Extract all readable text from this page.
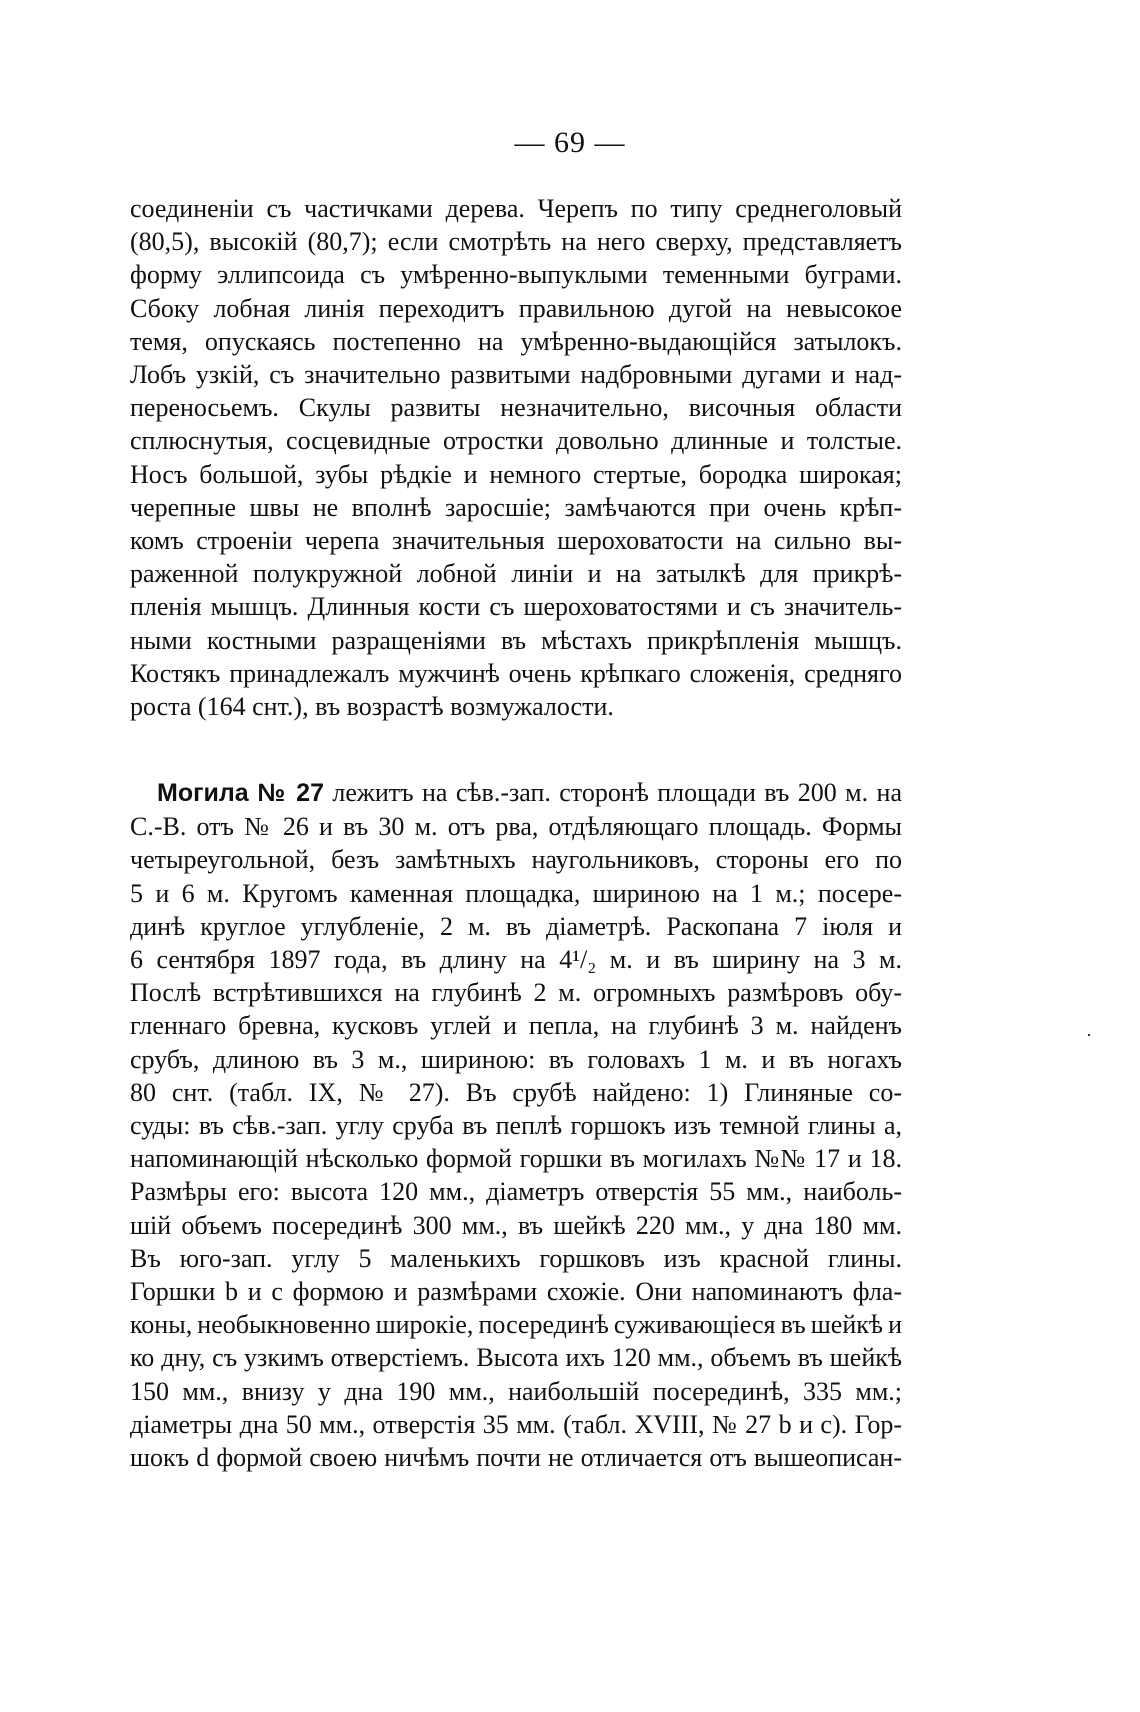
— 69 —
соединеніи съ частичками дерева. Черепъ по типу среднеголовый
(80,5), высокій (80,7); если смотрѣть на него сверху, представляетъ
форму эллипсоида съ умѣренно-выпуклыми теменными буграми.
Сбоку лобная линія переходитъ правильною дугой на невысокое
темя, опускаясь постепенно на умѣренно-выдающійся затылокъ.
Лобъ узкій, съ значительно развитыми надбровными дугами и над-
переносьемъ. Скулы развиты незначительно, височныя области
сплюснутыя, сосцевидные отростки довольно длинные и толстые.
Носъ большой, зубы рѣдкіе и немного стертые, бородка широкая;
черепные швы не вполнѣ заросшіе; замѣчаются при очень крѣп-
комъ строеніи черепа значительныя шероховатости на сильно вы-
раженной полукружной лобной линіи и на затылкѣ для прикрѣ-
пленія мышцъ. Длинныя кости съ шероховатостями и съ значитель-
ными костными разращеніями въ мѣстахъ прикрѣпленія мышцъ.
Костякъ принадлежалъ мужчинѣ очень крѣпкаго сложенія, средняго
роста (164 снт.), въ возрастѣ возмужалости.
Могила № 27 лежитъ на сѣв.-зап. сторонѣ площади въ 200 м. на
С.-В. отъ № 26 и въ 30 м. отъ рва, отдѣляющаго площадь. Формы
четыреугольной, безъ замѣтныхъ наугольниковъ, стороны его по
5 и 6 м. Кругомъ каменная площадка, шириною на 1 м.; посере-
динѣ круглое углубленіе, 2 м. въ діаметрѣ. Раскопана 7 іюля и
6 сентября 1897 года, въ длину на 4¹/₂ м. и въ ширину на 3 м.
Послѣ встрѣтившихся на глубинѣ 2 м. огромныхъ размѣровъ обу-
гленнаго бревна, кусковъ углей и пепла, на глубинѣ 3 м. найденъ
срубъ, длиною въ 3 м., шириною: въ головахъ 1 м. и въ ногахъ
80 снт. (табл. IX, № 27). Въ срубѣ найдено: 1) Глиняные со-
суды: въ сѣв.-зап. углу сруба въ пеплѣ горшокъ изъ темной глины a,
напоминающій нѣсколько формой горшки въ могилахъ №№ 17 и 18.
Размѣры его: высота 120 мм., діаметръ отверстія 55 мм., наиболь-
шій объемъ посерединѣ 300 мм., въ шейкѣ 220 мм., у дна 180 мм.
Въ юго-зап. углу 5 маленькихъ горшковъ изъ красной глины.
Горшки b и c формою и размѣрами схожіе. Они напоминаютъ фла-
коны, необыкновенно широкіе, посерединѣ суживающіеся въ шейкѣ и
ко дну, съ узкимъ отверстіемъ. Высота ихъ 120 мм., объемъ въ шейкѣ
150 мм., внизу у дна 190 мм., наибольшій посерединѣ, 335 мм.;
діаметры дна 50 мм., отверстія 35 мм. (табл. XVIII, № 27 b и c). Гор-
шокъ d формой своею ничѣмъ почти не отличается отъ вышеописан-
